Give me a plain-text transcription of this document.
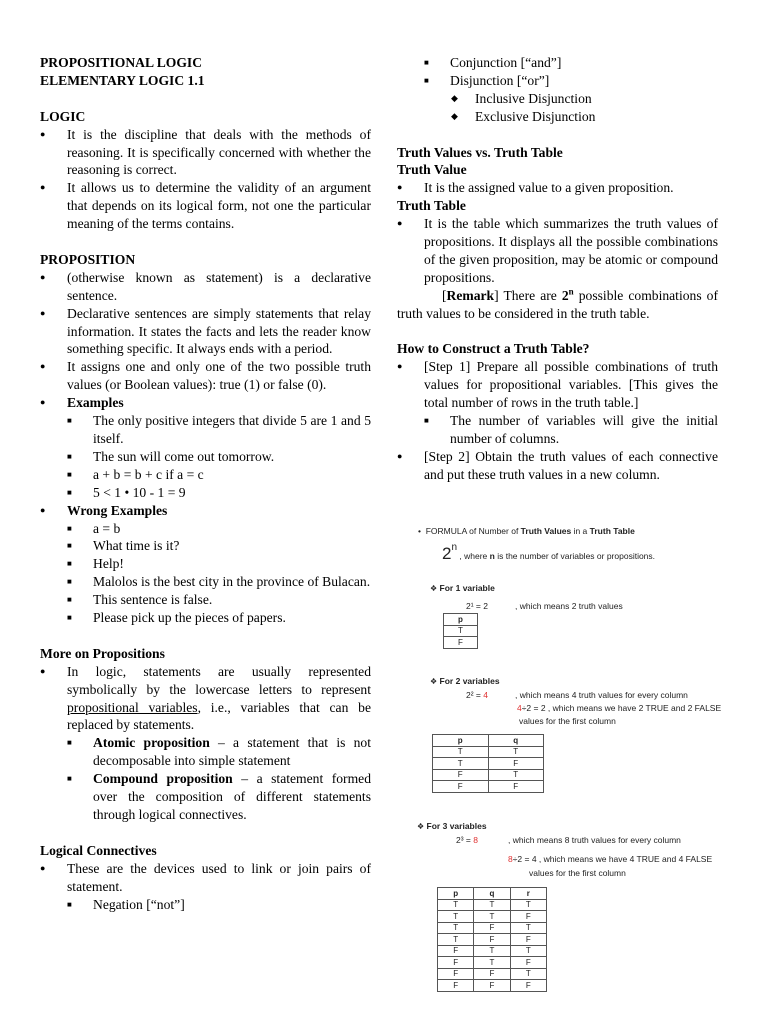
PROPOSITIONAL LOGIC

ELEMENTARY LOGIC 1.1

LOGIC

● It is the discipline that deals with the methods of reasoning. It is specifically concerned with whether the reasoning is correct.

● It allows us to determine the validity of an argument that depends on its logical form, not one the particular meaning of the terms contains.

PROPOSITION

● (otherwise known as statement) is a declarative sentence.

● Declarative sentences are simply statements that relay information. It states the facts and lets the reader know something specific. It always ends with a period.

● It assigns one and only one of the two possible truth values (or Boolean values): true (1) or false (0).

● Examples

■ The only positive integers that divide 5 are 1 and 5 itself.

■ The sun will come out tomorrow.

■ a + b = b + c if a = c

■ 5 < 1 • 10 - 1 = 9

● Wrong Examples

■ a = b

■ What time is it?

■ Help!

■ Malolos is the best city in the province of Bulacan.

■ This sentence is false.

■ Please pick up the pieces of papers.

More on Propositions

● In logic, statements are usually represented symbolically by the lowercase letters to represent propositional variables, i.e., variables that can be replaced by statements.

■ Atomic proposition – a statement that is not decomposable into simple statement

■ Compound proposition – a statement formed over the composition of different statements through logical connectives.

Logical Connectives

● These are the devices used to link or join pairs of statement.

■ Negation [“not”]

■ Conjunction [“and”]

■ Disjunction [“or”]

◆ Inclusive Disjunction

◆ Exclusive Disjunction

Truth Values vs. Truth Table

Truth Value

● It is the assigned value to a given proposition.

Truth Table

● It is the table which summarizes the truth values of propositions. It displays all the possible combinations of the given proposition, may be atomic or compound propositions.

[Remark] There are 2$^n$ possible combinations of truth values to be considered in the truth table.

How to Construct a Truth Table?

● [Step 1] Prepare all possible combinations of truth values for propositional variables. [This gives the total number of rows in the truth table.]

■ The number of variables will give the initial number of columns.

● [Step 2] Obtain the truth values of each connective and put these truth values in a new column.

• FORMULA of Number of Truth Values in a Truth Table
2n , where n is the number of variables or propositions.
❖ For 1 variable
2¹ = 2	, which means 2 truth values
p
T
F
❖ For 2 variables
2² = 4	, which means 4 truth values for every column
4÷2 = 2 , which means we have 2 TRUE and 2 FALSE
values for the first column
p	q
T	T
T	F
F	T
F	F
❖ For 3 variables
2³ = 8	, which means 8 truth values for every column
8÷2 = 4 , which means we have 4 TRUE and 4 FALSE
values for the first column
p	q	r
T	T	T
T	T	F
T	F	T
T	F	F
F	T	T
F	T	F
F	F	T
F	F	F
